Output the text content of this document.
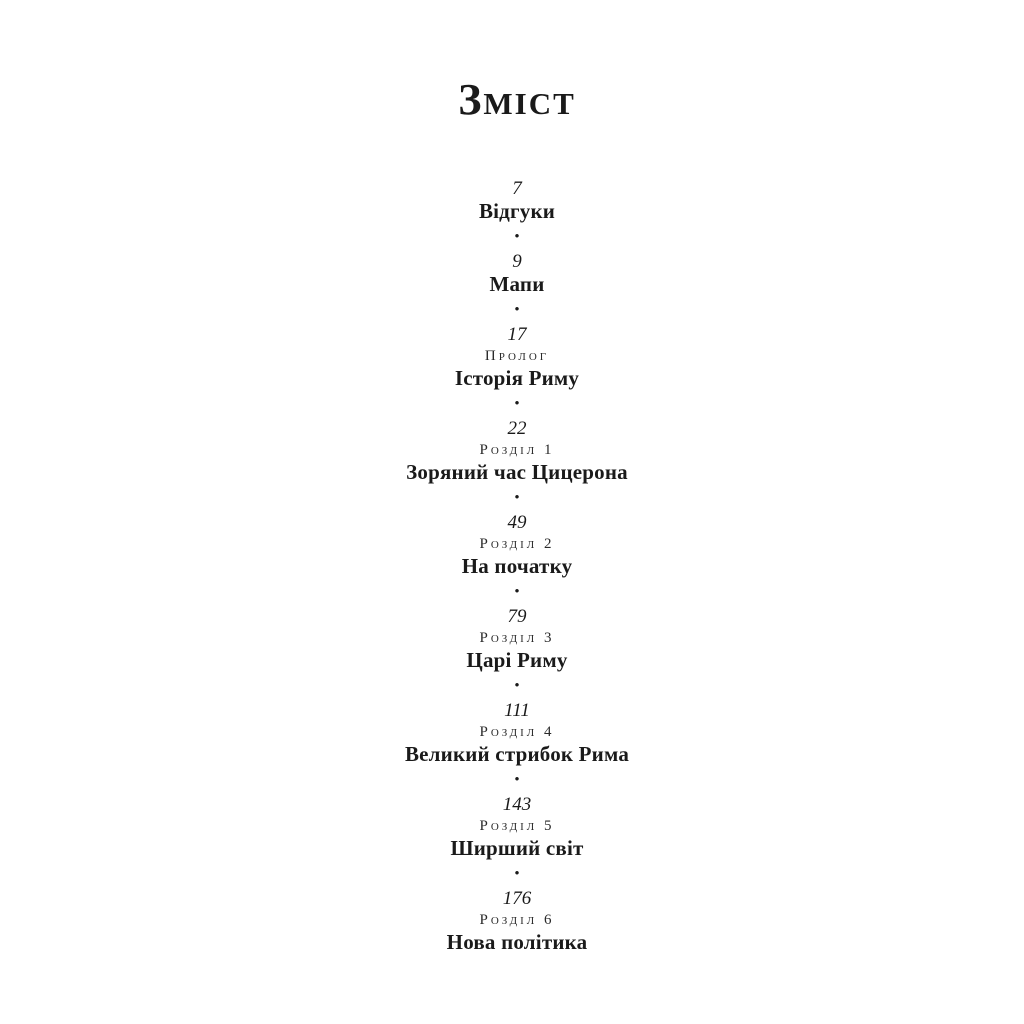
Зміст
7
Відгуки
•
9
Мапи
•
17
Пролог
Історія Риму
•
22
Розділ 1
Зоряний час Цицерона
•
49
Розділ 2
На початку
•
79
Розділ 3
Царі Риму
•
111
Розділ 4
Великий стрибок Рима
•
143
Розділ 5
Ширший світ
•
176
Розділ 6
Нова політика
